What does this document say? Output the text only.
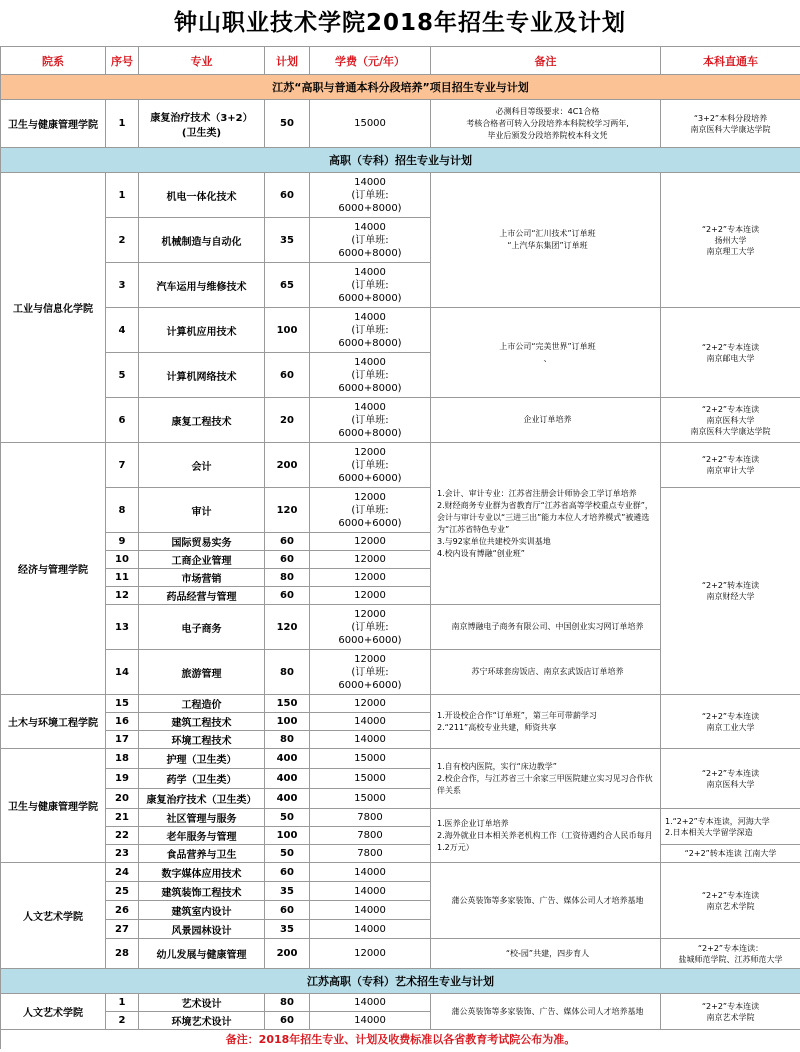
钟山职业技术学院2018年招生专业及计划
院系	序号	专业	计划	学费（元/年）	备注	本科直通车
江苏“高职与普通本科分段培养”项目招生专业与计划						
卫生与健康管理学院	1	康复治疗技术（3+2）
(卫生类)	50	15000	必测科目等级要求：4C1合格
考核合格者可转入分段培养本科院校学习两年,
毕业后颁发分段培养院校本科文凭	“3+2”本科分段培养
南京医科大学康达学院
高职（专科）招生专业与计划						
工业与信息化学院	1	机电一体化技术	60	14000
(订单班:
6000+8000)	上市公司“汇川技术”订单班
“上汽华东集团”订单班	“2+2”专本连读
扬州大学
南京理工大学
	2	机械制造与自动化	35	14000
(订单班:
6000+8000)		
	3	汽车运用与维修技术	65	14000
(订单班:
6000+8000)		
	4	计算机应用技术	100	14000
(订单班:
6000+8000)	上市公司“完美世界”订单班
、	“2+2”专本连读
南京邮电大学
	5	计算机网络技术	60	14000
(订单班:
6000+8000)		
	6	康复工程技术	20	14000
(订单班:
6000+8000)	企业订单培养	“2+2”专本连读
南京医科大学
南京医科大学康达学院
经济与管理学院	7	会计	200	12000
(订单班:
6000+6000)	1.会计、审计专业：江苏省注册会计师协会工学订单培养
2.财经商务专业群为省教育厅“江苏省高等学校重点专业群”，会计与审计专业以“三进三出”能力本位人才培养模式”被遴选为“江苏省特色专业”
3.与92家单位共建校外实训基地
4.校内设有博融“创业班”	“2+2”专本连读
南京审计大学
	8	审计	120	12000
(订单班:
6000+6000)		“2+2”转本连读
南京财经大学
	9	国际贸易实务	60	12000		
	10	工商企业管理	60	12000		
	11	市场营销	80	12000		
	12	药品经营与管理	60	12000		
	13	电子商务	120	12000
(订单班:
6000+6000)	南京博融电子商务有限公司、中国创业实习网订单培养	
	14	旅游管理	80	12000
(订单班:
6000+6000)	苏宁环球套房饭店、南京玄武饭店订单培养	
土木与环境工程学院	15	工程造价	150	12000	1.开设校企合作“订单班”，第三年可带薪学习
2.“211”高校专业共建，师资共享	“2+2”专本连读
南京工业大学
	16	建筑工程技术	100	14000		
	17	环境工程技术	80	14000		
卫生与健康管理学院	18	护理（卫生类）	400	15000	1.自有校内医院，实行“床边教学”
2.校企合作，与江苏省三十余家三甲医院建立实习见习合作伙伴关系	“2+2”专本连读
南京医科大学
	19	药学（卫生类）	400	15000		
	20	康复治疗技术（卫生类）	400	15000		
	21	社区管理与服务	50	7800	1.医养企业订单培养
2.海外就业日本相关养老机构工作（工资待遇约合人民币每月1.2万元）	1.“2+2”专本连读，河海大学
2.日本相关大学留学深造
	22	老年服务与管理	100	7800		
	23	食品营养与卫生	50	7800		“2+2”转本连读 江南大学
人文艺术学院	24	数字媒体应用技术	60	14000	蒲公英装饰等多家装饰、广告、媒体公司人才培养基地	“2+2”专本连读
南京艺术学院
	25	建筑装饰工程技术	35	14000		
	26	建筑室内设计	60	14000		
	27	风景园林设计	35	14000		
	28	幼儿发展与健康管理	200	12000	“校-园”共建，四步育人	“2+2”专本连读：
盐城师范学院、江苏师范大学
江苏高职（专科）艺术招生专业与计划						
人文艺术学院	1	艺术设计	80	14000	蒲公英装饰等多家装饰、广告、媒体公司人才培养基地	“2+2”专本连读
南京艺术学院
	2	环境艺术设计	60	14000		
备注：2018年招生专业、计划及收费标准以各省教育考试院公布为准。						
